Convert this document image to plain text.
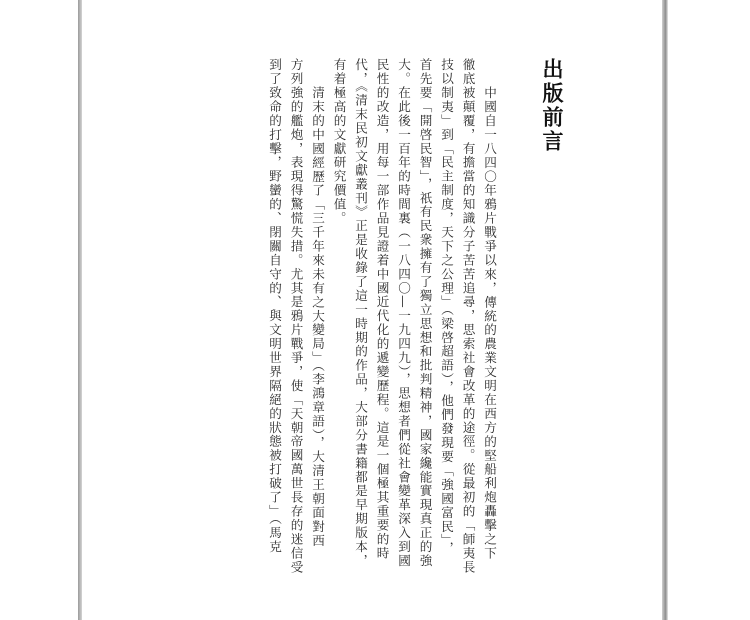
出版前言
中國自一八四〇年鴉片戰爭以來，傳統的農業文明在西方的堅船利炮轟擊之下
徹底被顛覆，有擔當的知識分子苦苦追尋，思索社會改革的途徑。從最初的「師夷長
技以制夷」到「民主制度，天下之公理」（梁啓超語），他們發現要「強國富民」，
首先要「開啓民智」，祇有民衆擁有了獨立思想和批判精神，國家纔能實現真正的強
大。在此後一百年的時間裏（一八四〇—一九四九），思想者們從社會變革深入到國
民性的改造，用每一部作品見證着中國近代化的遞變歷程。這是一個極其重要的時
代，《清末民初文獻叢刊》正是收錄了這一時期的作品，大部分書籍都是早期版本，
有着極高的文獻研究價值。
清末的中國經歷了「三千年來未有之大變局」（李鴻章語），大清王朝面對西
方列強的艦炮，表現得驚慌失措。尤其是鴉片戰爭，使「天朝帝國萬世長存的迷信受
到了致命的打擊，野蠻的、閉關自守的、與文明世界隔絕的狀態被打破了」（馬克
